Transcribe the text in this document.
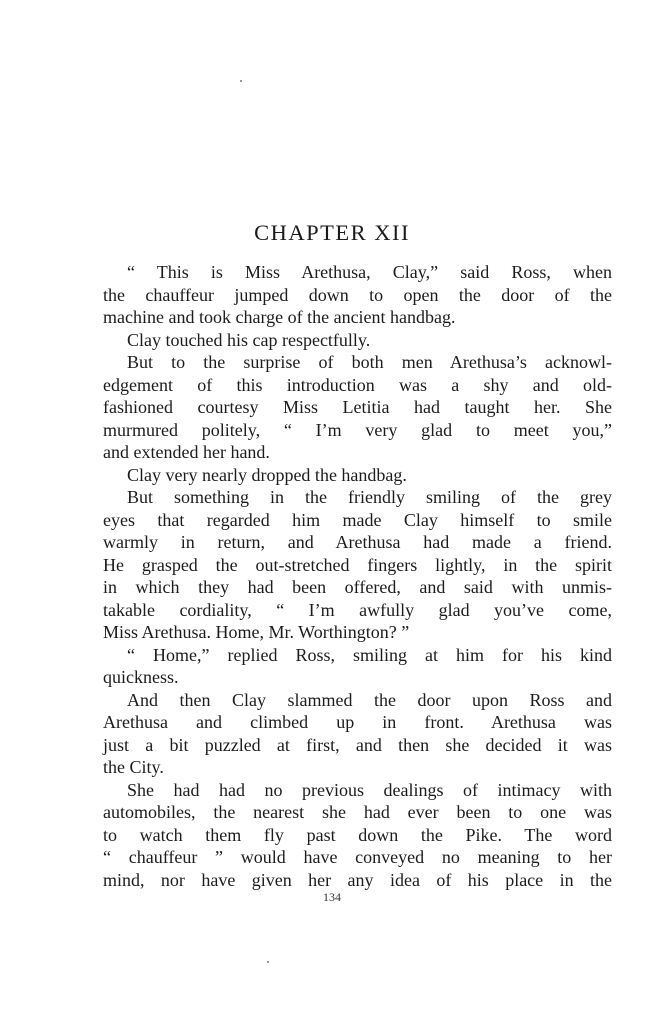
CHAPTER XII
“ This is Miss Arethusa, Clay,” said Ross, when
the chauffeur jumped down to open the door of the
machine and took charge of the ancient handbag.
Clay touched his cap respectfully.
But to the surprise of both men Arethusa’s acknowl-
edgement of this introduction was a shy and old-
fashioned courtesy Miss Letitia had taught her. She
murmured politely, “ I’m very glad to meet you,”
and extended her hand.
Clay very nearly dropped the handbag.
But something in the friendly smiling of the grey
eyes that regarded him made Clay himself to smile
warmly in return, and Arethusa had made a friend.
He grasped the out-stretched fingers lightly, in the spirit
in which they had been offered, and said with unmis-
takable cordiality, “ I’m awfully glad you’ve come,
Miss Arethusa. Home, Mr. Worthington? ”
“ Home,” replied Ross, smiling at him for his kind
quickness.
And then Clay slammed the door upon Ross and
Arethusa and climbed up in front. Arethusa was
just a bit puzzled at first, and then she decided it was
the City.
She had had no previous dealings of intimacy with
automobiles, the nearest she had ever been to one was
to watch them fly past down the Pike. The word
“ chauffeur ” would have conveyed no meaning to her
mind, nor have given her any idea of his place in the
134
